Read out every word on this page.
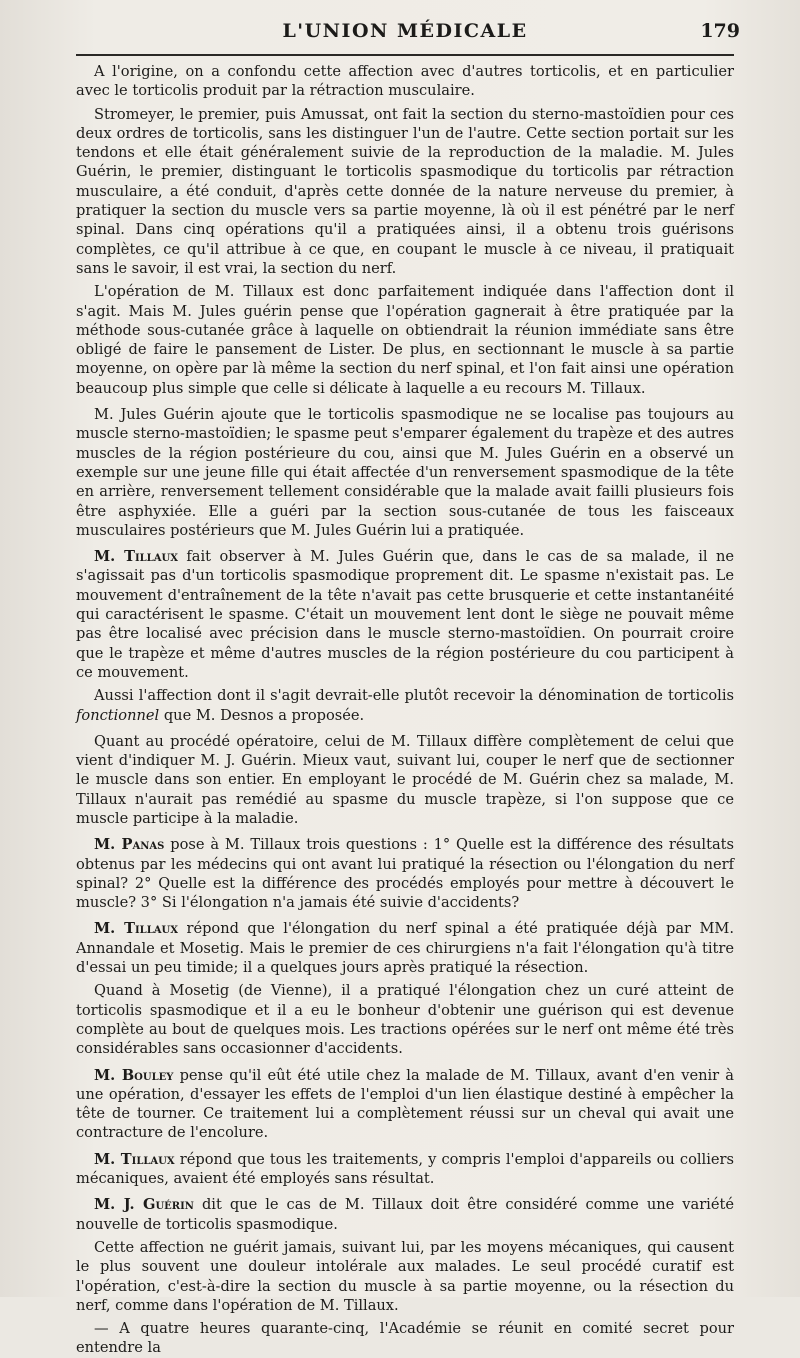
L'UNION MÉDICALE	179

A l'origine, on a confondu cette affection avec d'autres torticolis, et en particulier avec le torticolis produit par la rétraction musculaire.

Stromeyer, le premier, puis Amussat, ont fait la section du sterno-mastoïdien pour ces deux ordres de torticolis, sans les distinguer l'un de l'autre. Cette section portait sur les tendons et elle était généralement suivie de la reproduction de la maladie. M. Jules Guérin, le premier, distinguant le torticolis spasmodique du torticolis par rétraction musculaire, a été conduit, d'après cette donnée de la nature nerveuse du premier, à pratiquer la section du muscle vers sa partie moyenne, là où il est pénétré par le nerf spinal. Dans cinq opérations qu'il a pratiquées ainsi, il a obtenu trois guérisons complètes, ce qu'il attribue à ce que, en coupant le muscle à ce niveau, il pratiquait sans le savoir, il est vrai, la section du nerf.

L'opération de M. Tillaux est donc parfaitement indiquée dans l'affection dont il s'agit. Mais M. Jules guérin pense que l'opération gagnerait à être pratiquée par la méthode sous-cutanée grâce à laquelle on obtiendrait la réunion immédiate sans être obligé de faire le pansement de Lister. De plus, en sectionnant le muscle à sa partie moyenne, on opère par là même la section du nerf spinal, et l'on fait ainsi une opération beaucoup plus simple que celle si délicate à laquelle a eu recours M. Tillaux.

M. Jules Guérin ajoute que le torticolis spasmodique ne se localise pas toujours au muscle sterno-mastoïdien; le spasme peut s'emparer également du trapèze et des autres muscles de la région postérieure du cou, ainsi que M. Jules Guérin en a observé un exemple sur une jeune fille qui était affectée d'un renversement spasmodique de la tête en arrière, renversement tellement considérable que la malade avait failli plusieurs fois être asphyxiée. Elle a guéri par la section sous-cutanée de tous les faisceaux musculaires postérieurs que M. Jules Guérin lui a pratiquée.

M. Tillaux fait observer à M. Jules Guérin que, dans le cas de sa malade, il ne s'agissait pas d'un torticolis spasmodique proprement dit. Le spasme n'existait pas. Le mouvement d'entraînement de la tête n'avait pas cette brusquerie et cette instantanéité qui caractérisent le spasme. C'était un mouvement lent dont le siège ne pouvait même pas être localisé avec précision dans le muscle sterno-mastoïdien. On pourrait croire que le trapèze et même d'autres muscles de la région postérieure du cou participent à ce mouvement.

Aussi l'affection dont il s'agit devrait-elle plutôt recevoir la dénomination de torticolis fonctionnel que M. Desnos a proposée.

Quant au procédé opératoire, celui de M. Tillaux diffère complètement de celui que vient d'indiquer M. J. Guérin. Mieux vaut, suivant lui, couper le nerf que de sectionner le muscle dans son entier. En employant le procédé de M. Guérin chez sa malade, M. Tillaux n'aurait pas remédié au spasme du muscle trapèze, si l'on suppose que ce muscle participe à la maladie.

M. Panas pose à M. Tillaux trois questions : 1° Quelle est la différence des résultats obtenus par les médecins qui ont avant lui pratiqué la résection ou l'élongation du nerf spinal? 2° Quelle est la différence des procédés employés pour mettre à découvert le muscle? 3° Si l'élongation n'a jamais été suivie d'accidents?

M. Tillaux répond que l'élongation du nerf spinal a été pratiquée déjà par MM. Annandale et Mosetig. Mais le premier de ces chirurgiens n'a fait l'élongation qu'à titre d'essai un peu timide; il a quelques jours après pratiqué la résection.

Quand à Mosetig (de Vienne), il a pratiqué l'élongation chez un curé atteint de torticolis spasmodique et il a eu le bonheur d'obtenir une guérison qui est devenue complète au bout de quelques mois. Les tractions opérées sur le nerf ont même été très considérables sans occasionner d'accidents.

M. Bouley pense qu'il eût été utile chez la malade de M. Tillaux, avant d'en venir à une opération, d'essayer les effets de l'emploi d'un lien élastique destiné à empêcher la tête de tourner. Ce traitement lui a complètement réussi sur un cheval qui avait une contracture de l'encolure.

M. Tillaux répond que tous les traitements, y compris l'emploi d'appareils ou colliers mécaniques, avaient été employés sans résultat.

M. J. Guérin dit que le cas de M. Tillaux doit être considéré comme une variété nouvelle de torticolis spasmodique.

Cette affection ne guérit jamais, suivant lui, par les moyens mécaniques, qui causent le plus souvent une douleur intolérale aux malades. Le seul procédé curatif est l'opération, c'est-à-dire la section du muscle à sa partie moyenne, ou la résection du nerf, comme dans l'opération de M. Tillaux.

— A quatre heures quarante-cinq, l'Académie se réunit en comité secret pour entendre la
